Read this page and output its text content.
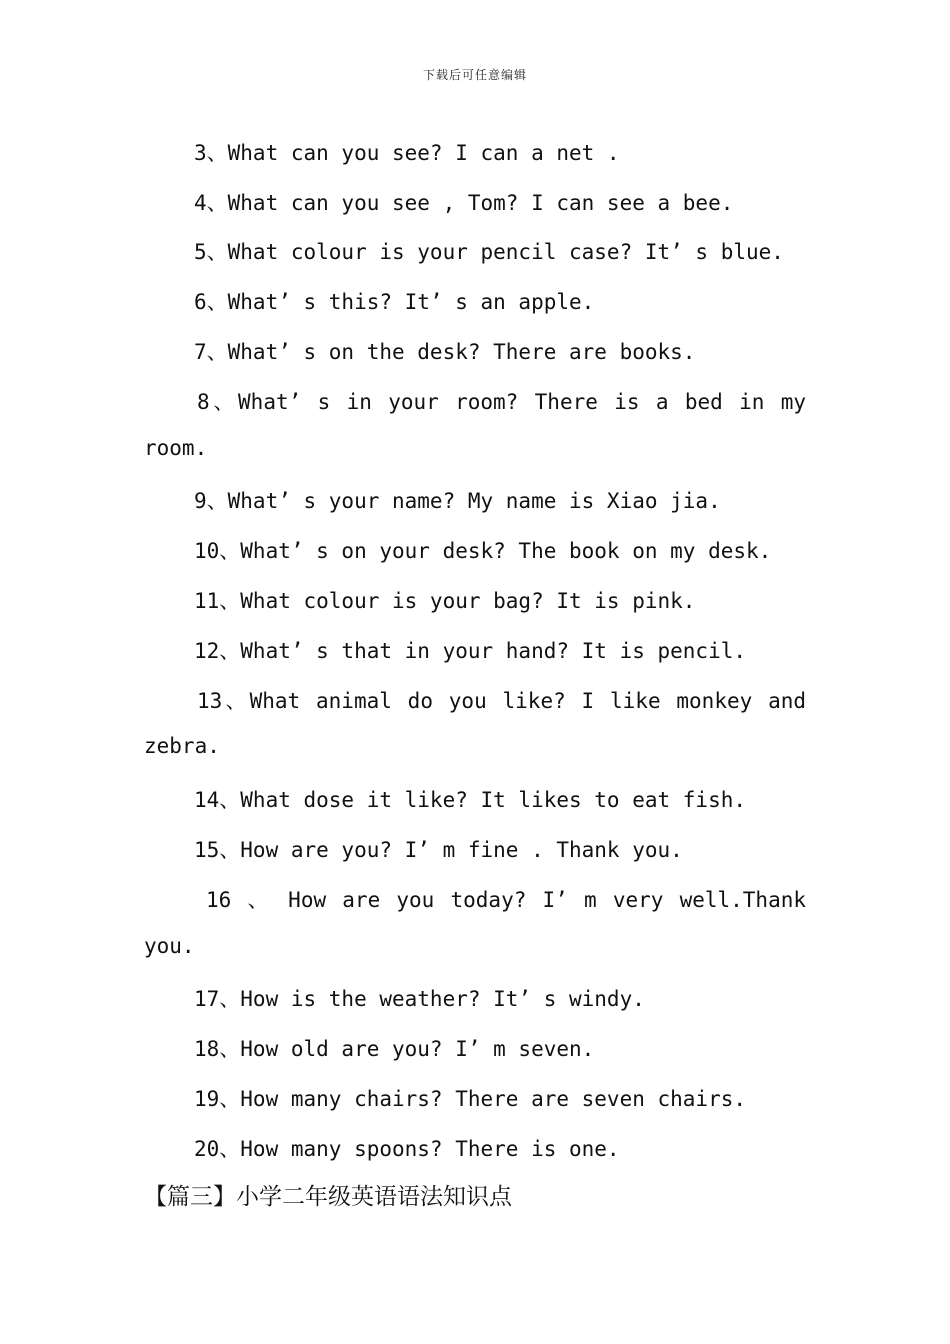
下载后可任意编辑
3、What can you see? I can a net .
4、What can you see , Tom? I can see a bee.
5、What colour is your pencil case? It’ s blue.
6、What’ s this? It’ s an apple.
7、What’ s on the desk? There are books.
8、What’ s in your room? There is a bed in my
room.
9、What’ s your name? My name is Xiao jia.
10、What’ s on your desk? The book on my desk.
11、What colour is your bag? It is pink.
12、What’ s that in your hand? It is pencil.
13、What animal do you like? I like monkey and
zebra.
14、What dose it like? It likes to eat fish.
15、How are you? I’ m fine . Thank you.
16 、 How are you today? I’ m very well.Thank
you.
17、How is the weather? It’ s windy.
18、How old are you? I’ m seven.
19、How many chairs? There are seven chairs.
20、How many spoons? There is one.
【篇三】小学二年级英语语法知识点
